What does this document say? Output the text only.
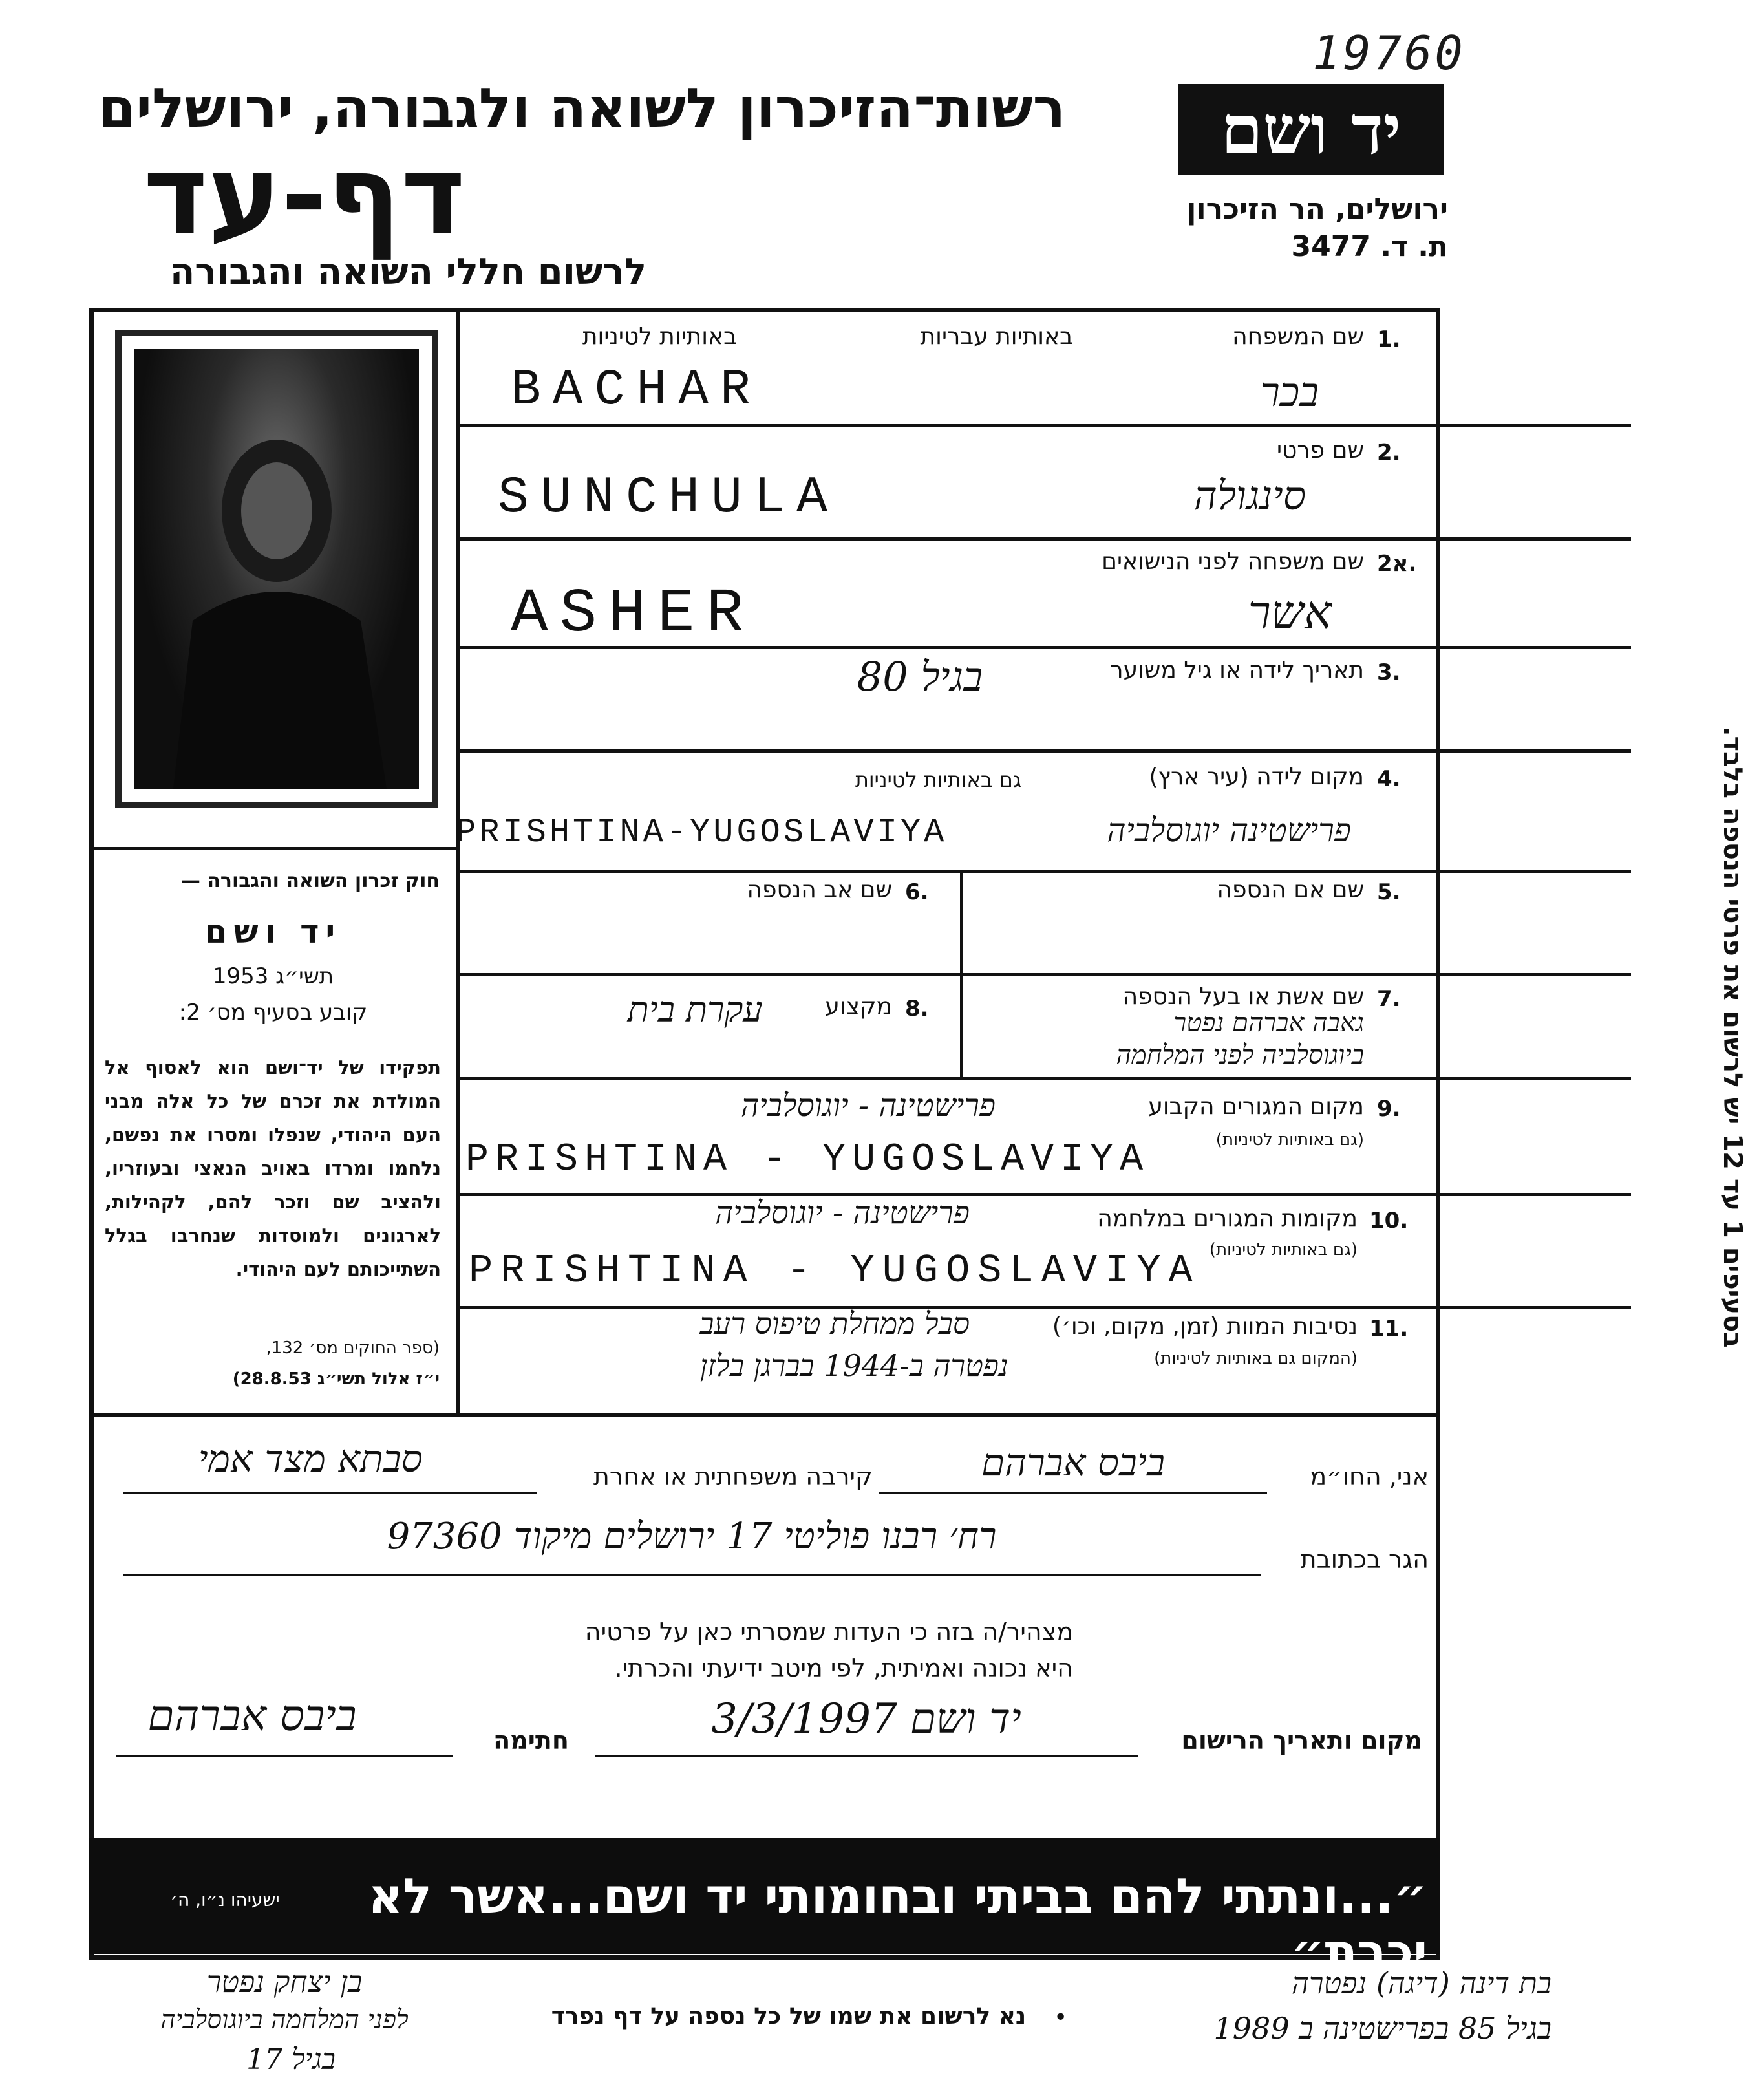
19760
רשות־הזיכרון לשואה ולגבורה, ירושלים
דף-עד
לרשום חללי השואה והגבורה
יד ושם
ירושלים, הר הזיכרון
ת. ד. 3477
חוק זכרון השואה והגבורה —
יד ושם
תשי״ג 1953
קובע בסעיף מס׳ 2:
תפקידו של יד־ושם הוא לאסוף אל המולדת את זכרם של כל אלה מבני העם היהודי, שנפלו ומסרו את נפשם, נלחמו ומרדו באויב הנאצי ובעוזריו, ולהציב שם וזכר להם, לקהילות, לארגונים ולמוסדות שנחרבו בגלל השתייכותם לעם היהודי.
(ספר החוקים מס׳ 132,
י״ז אלול תשי״ג 28.8.53)
1.
שם המשפחה
באותיות עבריות
באותיות לטיניות
BACHAR	בכר
2.
שם פרטי
SUNCHULA	סינגולה
2א.
שם משפחה לפני הנישואים
ASHER	אשר
3.
תאריך לידה או גיל משוער
בגיל 80
4.
מקום לידה (עיר ארץ)
גם באותיות לטיניות
PRISHTINA-YUGOSLAVIYA	פרישטינה יוגוסלביה
5.
שם אם הנספה
6.
שם אב הנספה
7.
שם אשת או בעל הנספה
גאבה אברהם נפטר
ביוגוסלביה לפני המלחמה
8.
מקצוע
עקרת בית
9.
מקום המגורים הקבוע
(גם באותיות לטיניות)
פרישטינה - יוגוסלביה
PRISHTINA - YUGOSLAVIYA
10.
מקומות המגורים במלחמה
(גם באותיות לטיניות)
פרישטינה - יוגוסלביה
PRISHTINA - YUGOSLAVIYA
11.
נסיבות המוות (זמן, מקום, וכו׳)
(המקום גם באותיות לטיניות)
סבל ממחלת טיפוס רעב
נפטרה ב-1944 בברגן בלזן
אני, החו״מ
ביבס אברהם
קירבה משפחתית או אחרת
סבתא מצד אמי
הגר בכתובת
רח׳ רבנו פוליטי 17 ירושלים מיקוד 97360
מצהיר/ה בזה כי העדות שמסרתי כאן על פרטיה
היא נכונה ואמיתית, לפי מיטב ידיעתי והכרתי.
מקום ותאריך הרישום
יד ושם 3/3/1997
חתימה
ביבס אברהם
״...ונתתי להם בביתי ובחומותי יד ושם...אשר לא יכרת״
ישעיהו נ״ו, ה׳
בסעיפים 1 עד 12 יש לרשום את פרטי הנספה בלבד.
נא לרשום את שמו של כל נספה על דף נפרד	•
בת דינה (דיגה) נפטרה
בגיל 85 בפרישטינה ב 1989
בן יצחק נפטר
לפני המלחמה ביוגוסלביה
בגיל 17
